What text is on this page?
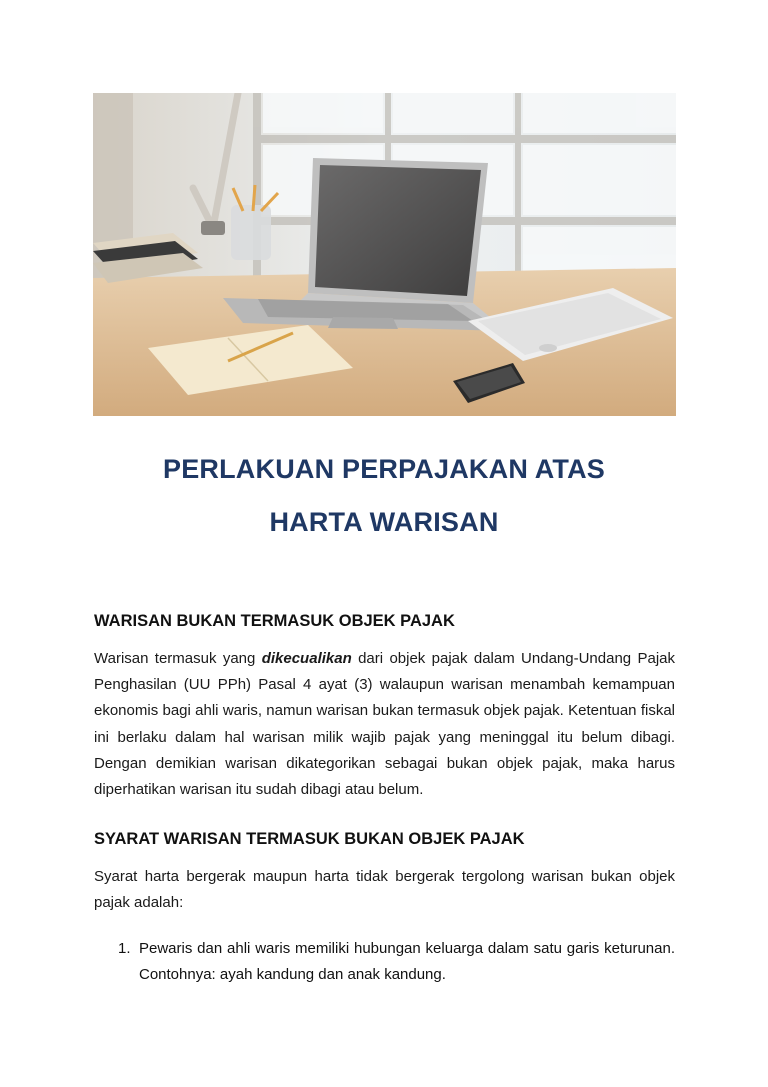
PERLAKUAN PERPAJAKAN ATAS
HARTA WARISAN
WARISAN BUKAN TERMASUK OBJEK PAJAK

Warisan termasuk yang dikecualikan dari objek pajak dalam Undang-Undang Pajak Penghasilan (UU PPh) Pasal 4 ayat (3) walaupun warisan menambah kemampuan ekonomis bagi ahli waris, namun warisan bukan termasuk objek pajak. Ketentuan fiskal ini berlaku dalam hal warisan milik wajib pajak yang meninggal itu belum dibagi. Dengan demikian warisan dikategorikan sebagai bukan objek pajak, maka harus diperhatikan warisan itu sudah dibagi atau belum.

SYARAT WARISAN TERMASUK BUKAN OBJEK PAJAK

Syarat harta bergerak maupun harta tidak bergerak tergolong warisan bukan objek pajak adalah:

1. Pewaris dan ahli waris memiliki hubungan keluarga dalam satu garis keturunan. Contohnya: ayah kandung dan anak kandung.
